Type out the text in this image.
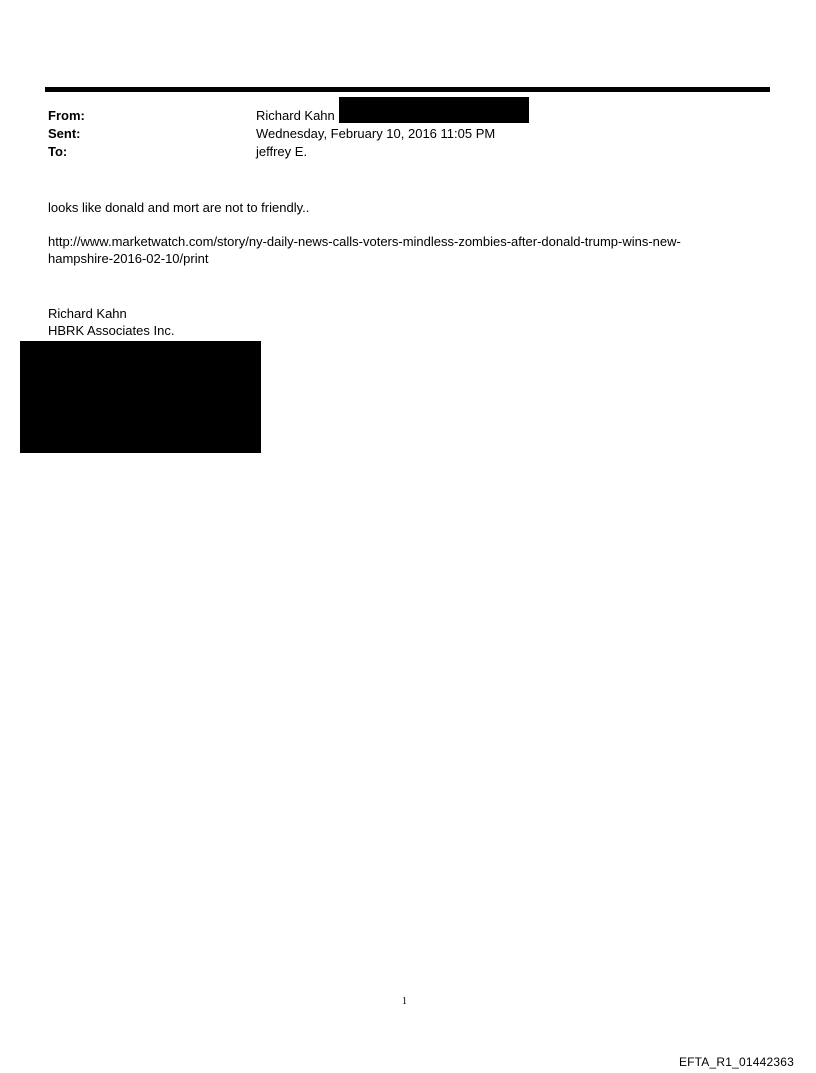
From:	Richard Kahn
Sent:	Wednesday, February 10, 2016 11:05 PM
To:	jeffrey E.
looks like donald and mort are not to friendly..
http://www.marketwatch.com/story/ny-daily-news-calls-voters-mindless-zombies-after-donald-trump-wins-new-
hampshire-2016-02-10/print
Richard Kahn
HBRK Associates Inc.
1
EFTA_R1_01442363
